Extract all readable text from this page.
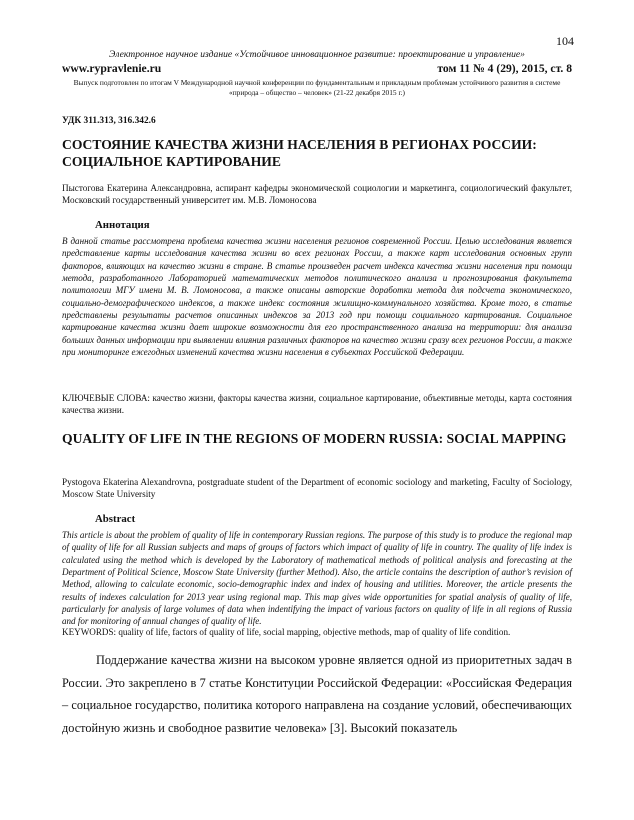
104
Электронное научное издание «Устойчивое инновационное развитие: проектирование и управление»
www.rypravlenie.ru	том 11 № 4 (29), 2015, ст. 8
Выпуск подготовлен по итогам V Международной научной конференции по фундаментальным и прикладным проблемам устойчивого развития в системе «природа – общество – человек» (21-22 декабря 2015 г.)
УДК 311.313, 316.342.6
СОСТОЯНИЕ КАЧЕСТВА ЖИЗНИ НАСЕЛЕНИЯ В РЕГИОНАХ РОССИИ: СОЦИАЛЬНОЕ КАРТИРОВАНИЕ

Пыстогова Екатерина Александровна, аспирант кафедры экономической социологии и маркетинга, социологический факультет, Московский государственный университет им. М.В. Ломоносова

Аннотация

В данной статье рассмотрена проблема качества жизни населения регионов современной России. Целью исследования является представление карты исследования качества жизни во всех регионах России, а также карт исследования основных групп факторов, влияющих на качество жизни в стране. В статье произведен расчет индекса качества жизни населения при помощи метода, разработанного Лабораторией математических методов политического анализа и прогнозирования факультета политологии МГУ имени М. В. Ломоносова, а также описаны авторские доработки метода для подсчета экономического, социально-демографического индексов, а также индекс состояния жилищно-коммунального хозяйства. Кроме того, в статье представлены результаты расчетов описанных индексов за 2013 год при помощи социального картирования. Социальное картирование качества жизни дает широкие возможности для его пространственного анализа на территории: для анализа больших данных информации при выявлении влияния различных факторов на качество жизни сразу всех регионов России, а также при мониторинге ежегодных изменений качества жизни населения в субъектах Российской Федерации.

КЛЮЧЕВЫЕ СЛОВА: качество жизни, факторы качества жизни, социальное картирование, объективные методы, карта состояния качества жизни.

QUALITY OF LIFE IN THE REGIONS OF MODERN RUSSIA: SOCIAL MAPPING

Pystogova Ekaterina Alexandrovna, postgraduate student of the Department of economic sociology and marketing, Faculty of Sociology, Moscow State University

Abstract

This article is about the problem of quality of life in contemporary Russian regions. The purpose of this study is to produce the regional map of quality of life for all Russian subjects and maps of groups of factors which impact of quality of life in country. The quality of life index is calculated using the method which is developed by the Laboratory of mathematical methods of political analysis and forecasting at the Department of Political Science, Moscow State University (further Method). Also, the article contains the description of author’s revision of Method, allowing to calculate economic, socio-demographic index and index of housing and utilities. Moreover, the article presents the results of indexes calculation for 2013 year using regional map. This map gives wide opportunities for spatial analysis of quality of life, particularly for analysis of large volumes of data when indentifying the impact of various factors on quality of life in all regions of Russia and for monitoring of annual changes of quality of life.

KEYWORDS: quality of life, factors of quality of life, social mapping, objective methods, map of quality of life condition.

Поддержание качества жизни на высоком уровне является одной из приоритетных задач в России. Это закреплено в 7 статье Конституции Российской Федерации: «Российская Федерация – социальное государство, политика которого направлена на создание условий, обеспечивающих достойную жизнь и свободное развитие человека» [3]. Высокий показатель
